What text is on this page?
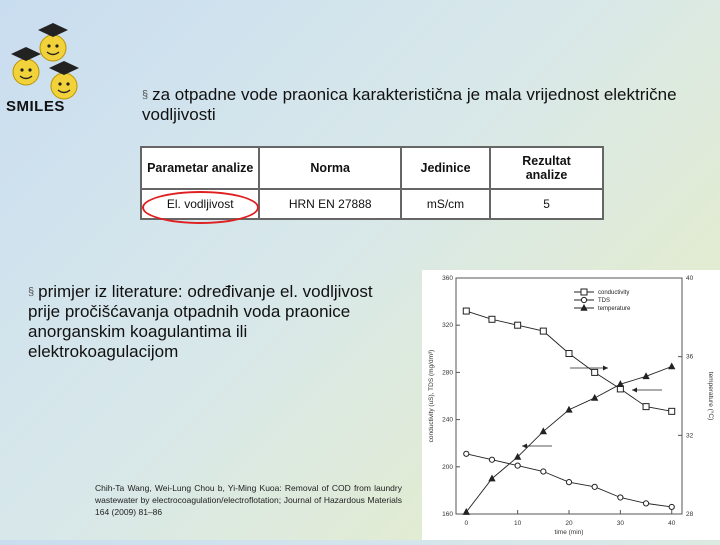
SMILES
§ za otpadne vode praonica karakteristična je mala vrijednost električne vodljivosti
Parametar analize	Norma	Jedinice	Rezultat analize
El. vodljivost	HRN EN 27888	mS/cm	5
§ primjer iz literature: određivanje el. vodljivost prije pročišćavanja otpadnih voda praonice anorganskim koagulantima ili elektrokoagulacijom
Chih-Ta Wang, Wei-Lung Chou b, Yi-Ming Kuoa: Removal of COD from laundry wastewater by electrocoagulation/electroflotation; Journal of Hazardous Materials 164 (2009) 81–86
0	10	20	30	40
160
200
240
280
320
360
28
32
36
40
time (min)
conductivity (uS), TDS (mg/dm³)	temperature (°C)
conductivity
TDS
temperature
